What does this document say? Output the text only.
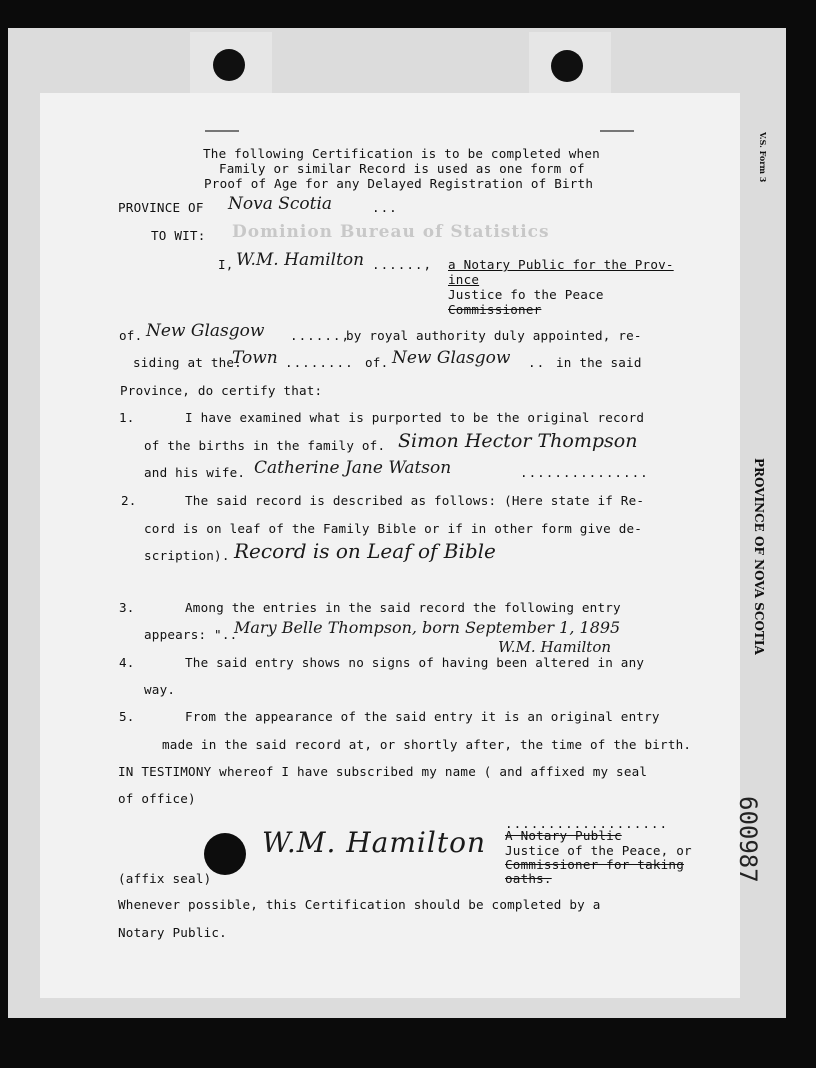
Dominion Bureau of Statistics
V.S. Form 3
PROVINCE OF NOVA SCOTIA
600987
The following Certification is to be completed when
Family or similar Record is used as one form of
Proof of Age for any Delayed Registration of Birth
PROVINCE OF Nova Scotia	...
TO WIT:
I, W.M. Hamilton ......, a Notary Public for the Prov-
ince
Justice fo the Peace
Commissioner
of. New Glasgow ......,
by royal authority duly appointed, re-
siding at the.
Town ........ of. New Glasgow .. in the said
Province, do certify that:
1.	I have examined what is purported to be the original record
of the births in the family of. Simon Hector Thompson
and his wife. Catherine Jane Watson	...............
2.	The said record is described as follows: (Here state if Re-
cord is on leaf of the Family Bible or if in other form give de-
scription). Record is on Leaf of Bible
3.	Among the entries in the said record the following entry
appears: "..
Mary Belle Thompson, born September 1, 1895
4.	The said entry shows no signs of having been altered in any
W.M. Hamilton
way.
5.	From the appearance of the said entry it is an original entry
made in the said record at, or shortly after, the time of the birth.
IN TESTIMONY whereof I have subscribed my name ( and affixed my seal
of office)
W.M. Hamilton
(affix seal)
...................
A Notary Public
Justice of the Peace, or
Commissioner for taking
oaths.
Whenever possible, this Certification should be completed by a
Notary Public.
